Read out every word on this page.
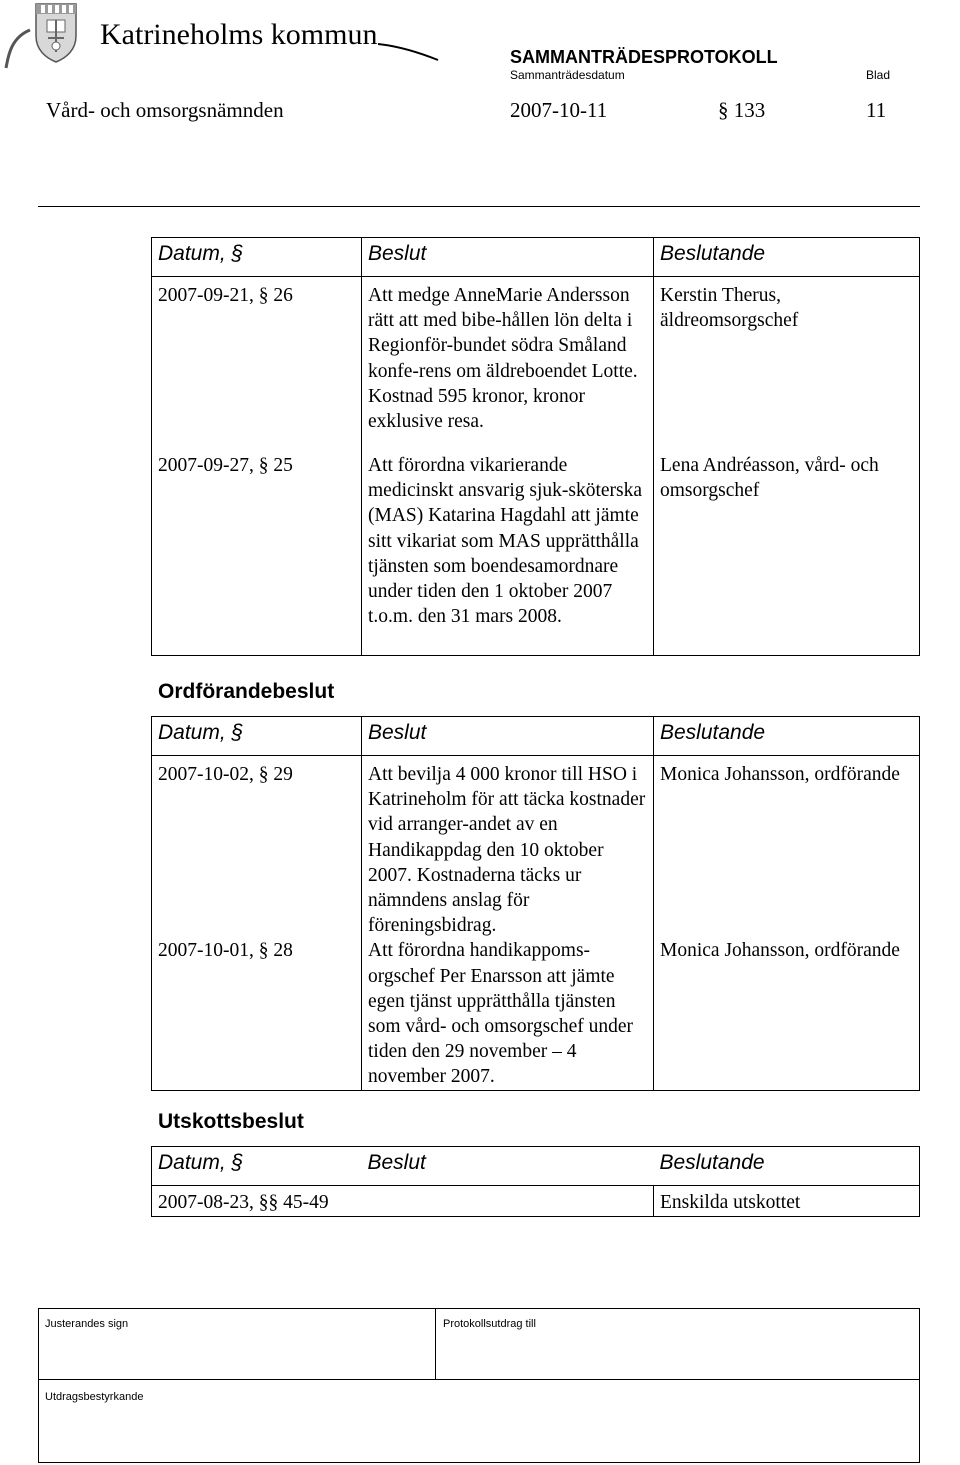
Katrineholms kommun
SAMMANTRÄDESPROTOKOLL
Sammanträdesdatum	Blad
Vård- och omsorgsnämnden	2007-10-11	§ 133	11
Datum, §	Beslut	Beslutande
2007-09-21, § 26	Att medge AnneMarie Andersson rätt att med bibe-hållen lön delta i Regionför-bundet södra Småland konfe-rens om äldreboendet Lotte. Kostnad 595 kronor, kronor exklusive resa.	Kerstin Therus, äldreomsorgschef
2007-09-27, § 25	Att förordna vikarierande medicinskt ansvarig sjuk-sköterska (MAS) Katarina Hagdahl att jämte sitt vikariat som MAS upprätthålla tjänsten som boendesamordnare under tiden den 1 oktober 2007 t.o.m. den 31 mars 2008.	Lena Andréasson, vård- och omsorgschef
Ordförandebeslut
Datum, §	Beslut	Beslutande
2007-10-02, § 29	Att bevilja 4 000 kronor till HSO i Katrineholm för att täcka kostnader vid arranger-andet av en Handikappdag den 10 oktober 2007. Kostnaderna täcks ur nämndens anslag för föreningsbidrag.	Monica Johansson, ordförande
2007-10-01, § 28	Att förordna handikappoms-orgschef Per Enarsson att jämte egen tjänst upprätthålla tjänsten som vård- och omsorgschef under tiden den 29 november – 4 november 2007.	Monica Johansson, ordförande
Utskottsbeslut
Datum, §	Beslut	Beslutande
2007-08-23, §§ 45-49		Enskilda utskottet
Justerandes sign	Protokollsutdrag till
Utdragsbestyrkande
